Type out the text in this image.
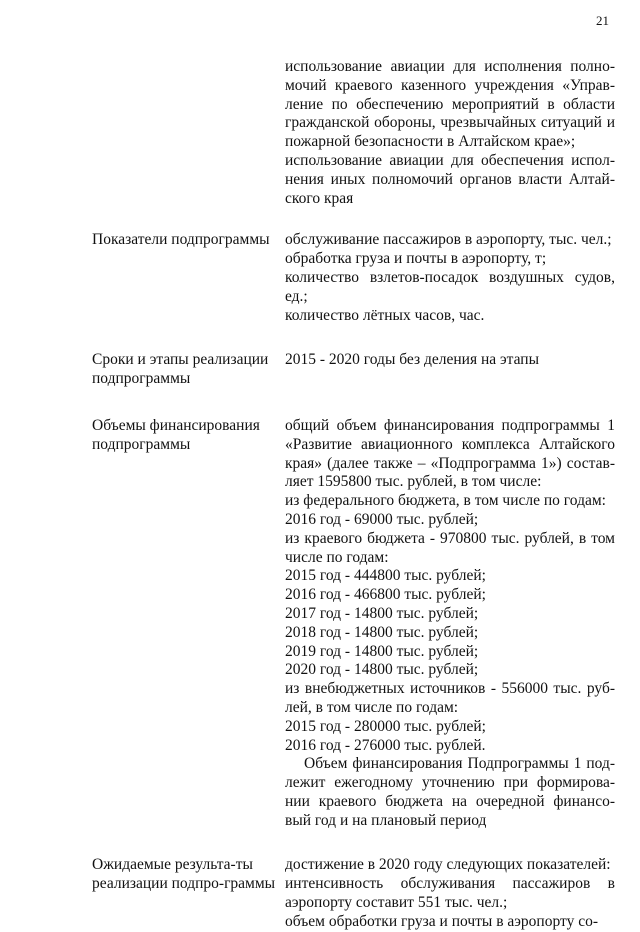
21

использование авиации для исполнения полно-мочий краевого казенного учреждения «Управ-ление по обеспечению мероприятий в области гражданской обороны, чрезвычайных ситуаций и пожарной безопасности в Алтайском крае»;

использование авиации для обеспечения испол-нения иных полномочий органов власти Алтай-ского края

Показатели подпрограммы обслуживание пассажиров в аэропорту, тыс. чел.;

обработка груза и почты в аэропорту, т;

количество взлетов-посадок воздушных судов, ед.;

количество лётных часов, час.

Сроки и этапы реализации подпрограммы

2015 - 2020 годы без деления на этапы

Объемы финансирования подпрограммы

общий объем финансирования подпрограммы 1 «Развитие авиационного комплекса Алтайского края» (далее также – «Подпрограмма 1») состав-ляет 1595800 тыс. рублей, в том числе:

из федерального бюджета, в том числе по годам:

2016 год - 69000 тыс. рублей;

из краевого бюджета - 970800 тыс. рублей, в том числе по годам:

2015 год - 444800 тыс. рублей;

2016 год - 466800 тыс. рублей;

2017 год - 14800 тыс. рублей;

2018 год - 14800 тыс. рублей;

2019 год - 14800 тыс. рублей;

2020 год - 14800 тыс. рублей;

из внебюджетных источников - 556000 тыс. руб-лей, в том числе по годам:

2015 год - 280000 тыс. рублей;

2016 год - 276000 тыс. рублей.

Объем финансирования Подпрограммы 1 под-лежит ежегодному уточнению при формирова-нии краевого бюджета на очередной финансо-вый год и на плановый период

Ожидаемые результа-ты реализации подпро-граммы

достижение в 2020 году следующих показателей:

интенсивность обслуживания пассажиров в аэропорту составит 551 тыс. чел.;

объем обработки груза и почты в аэропорту со-
